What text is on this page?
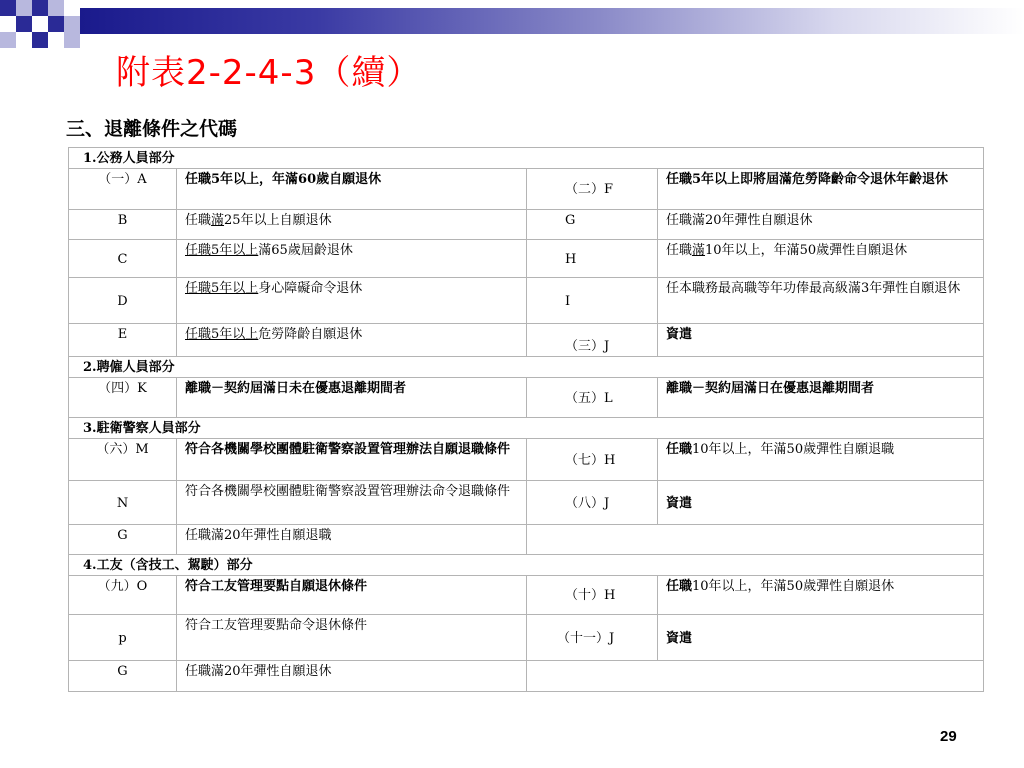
附表2-2-4-3（續）
三、退離條件之代碼
1.公務人員部分			
（一）A	任職5年以上，年滿60歲自願退休	（二）F	任職5年以上即將屆滿危勞降齡命令退休年齡退休
B	任職滿25年以上自願退休	G	任職滿20年彈性自願退休
C	任職5年以上滿65歲屆齡退休	H	任職滿10年以上，年滿50歲彈性自願退休
D	任職5年以上身心障礙命令退休	I	任本職務最高職等年功俸最高級滿3年彈性自願退休
E	任職5年以上危勞降齡自願退休	（三）J	資遣
2.聘僱人員部分			
（四）K	離職－契約屆滿日未在優惠退離期間者	（五）L	離職－契約屆滿日在優惠退離期間者
3.駐衛警察人員部分			
（六）M	符合各機關學校團體駐衛警察設置管理辦法自願退職條件	（七）H	任職10年以上，年滿50歲彈性自願退職
N	符合各機關學校團體駐衛警察設置管理辦法命令退職條件	（八）J	資遣
G	任職滿20年彈性自願退職		
4.工友（含技工、駕駛）部分			
（九）O	符合工友管理要點自願退休條件	（十）H	任職10年以上，年滿50歲彈性自願退休
p	符合工友管理要點命令退休條件	（十一）J	資遣
G	任職滿20年彈性自願退休		
29
